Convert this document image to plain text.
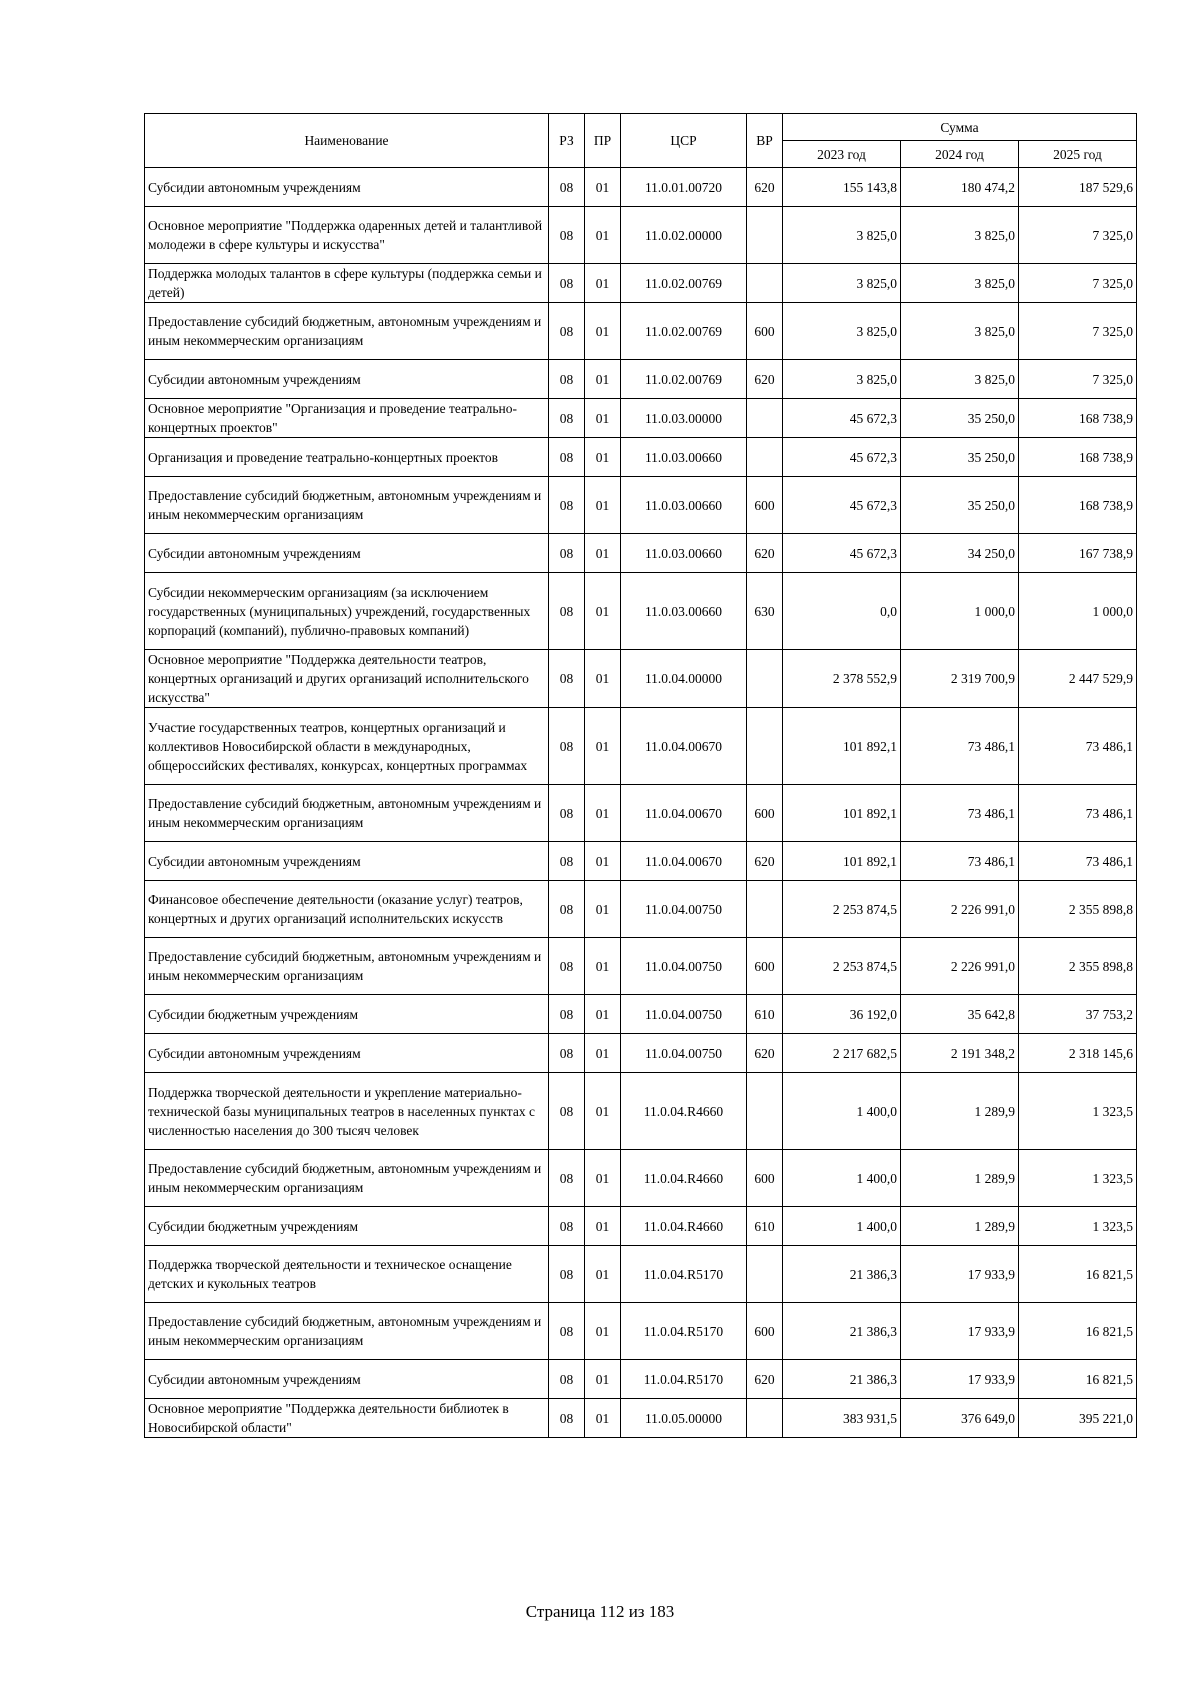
Наименование	РЗ	ПР	ЦСР	ВР	Сумма		
					2023 год	2024 год	2025 год
Субсидии автономным учреждениям	08	01	11.0.01.00720	620	155 143,8	180 474,2	187 529,6
Основное мероприятие "Поддержка одаренных детей и талантливой молодежи в сфере культуры и искусства"	08	01	11.0.02.00000		3 825,0	3 825,0	7 325,0
Поддержка молодых талантов в сфере культуры (поддержка семьи и детей)	08	01	11.0.02.00769		3 825,0	3 825,0	7 325,0
Предоставление субсидий бюджетным, автономным учреждениям и иным некоммерческим организациям	08	01	11.0.02.00769	600	3 825,0	3 825,0	7 325,0
Субсидии автономным учреждениям	08	01	11.0.02.00769	620	3 825,0	3 825,0	7 325,0
Основное мероприятие "Организация и проведение театрально-концертных проектов"	08	01	11.0.03.00000		45 672,3	35 250,0	168 738,9
Организация и проведение театрально-концертных проектов	08	01	11.0.03.00660		45 672,3	35 250,0	168 738,9
Предоставление субсидий бюджетным, автономным учреждениям и иным некоммерческим организациям	08	01	11.0.03.00660	600	45 672,3	35 250,0	168 738,9
Субсидии автономным учреждениям	08	01	11.0.03.00660	620	45 672,3	34 250,0	167 738,9
Субсидии некоммерческим организациям (за исключением государственных (муниципальных) учреждений, государственных корпораций (компаний), публично-правовых компаний)	08	01	11.0.03.00660	630	0,0	1 000,0	1 000,0
Основное мероприятие "Поддержка деятельности театров, концертных организаций и других организаций исполнительского искусства"	08	01	11.0.04.00000		2 378 552,9	2 319 700,9	2 447 529,9
Участие государственных театров, концертных организаций и коллективов Новосибирской области в международных, общероссийских фестивалях, конкурсах, концертных программах	08	01	11.0.04.00670		101 892,1	73 486,1	73 486,1
Предоставление субсидий бюджетным, автономным учреждениям и иным некоммерческим организациям	08	01	11.0.04.00670	600	101 892,1	73 486,1	73 486,1
Субсидии автономным учреждениям	08	01	11.0.04.00670	620	101 892,1	73 486,1	73 486,1
Финансовое обеспечение деятельности (оказание услуг) театров, концертных и других организаций исполнительских искусств	08	01	11.0.04.00750		2 253 874,5	2 226 991,0	2 355 898,8
Предоставление субсидий бюджетным, автономным учреждениям и иным некоммерческим организациям	08	01	11.0.04.00750	600	2 253 874,5	2 226 991,0	2 355 898,8
Субсидии бюджетным учреждениям	08	01	11.0.04.00750	610	36 192,0	35 642,8	37 753,2
Субсидии автономным учреждениям	08	01	11.0.04.00750	620	2 217 682,5	2 191 348,2	2 318 145,6
Поддержка творческой деятельности и укрепление материально-технической базы муниципальных театров в населенных пунктах с численностью населения до 300 тысяч человек	08	01	11.0.04.R4660		1 400,0	1 289,9	1 323,5
Предоставление субсидий бюджетным, автономным учреждениям и иным некоммерческим организациям	08	01	11.0.04.R4660	600	1 400,0	1 289,9	1 323,5
Субсидии бюджетным учреждениям	08	01	11.0.04.R4660	610	1 400,0	1 289,9	1 323,5
Поддержка творческой деятельности и техническое оснащение детских и кукольных театров	08	01	11.0.04.R5170		21 386,3	17 933,9	16 821,5
Предоставление субсидий бюджетным, автономным учреждениям и иным некоммерческим организациям	08	01	11.0.04.R5170	600	21 386,3	17 933,9	16 821,5
Субсидии автономным учреждениям	08	01	11.0.04.R5170	620	21 386,3	17 933,9	16 821,5
Основное мероприятие "Поддержка деятельности библиотек в Новосибирской области"	08	01	11.0.05.00000		383 931,5	376 649,0	395 221,0
Страница 112 из 183
